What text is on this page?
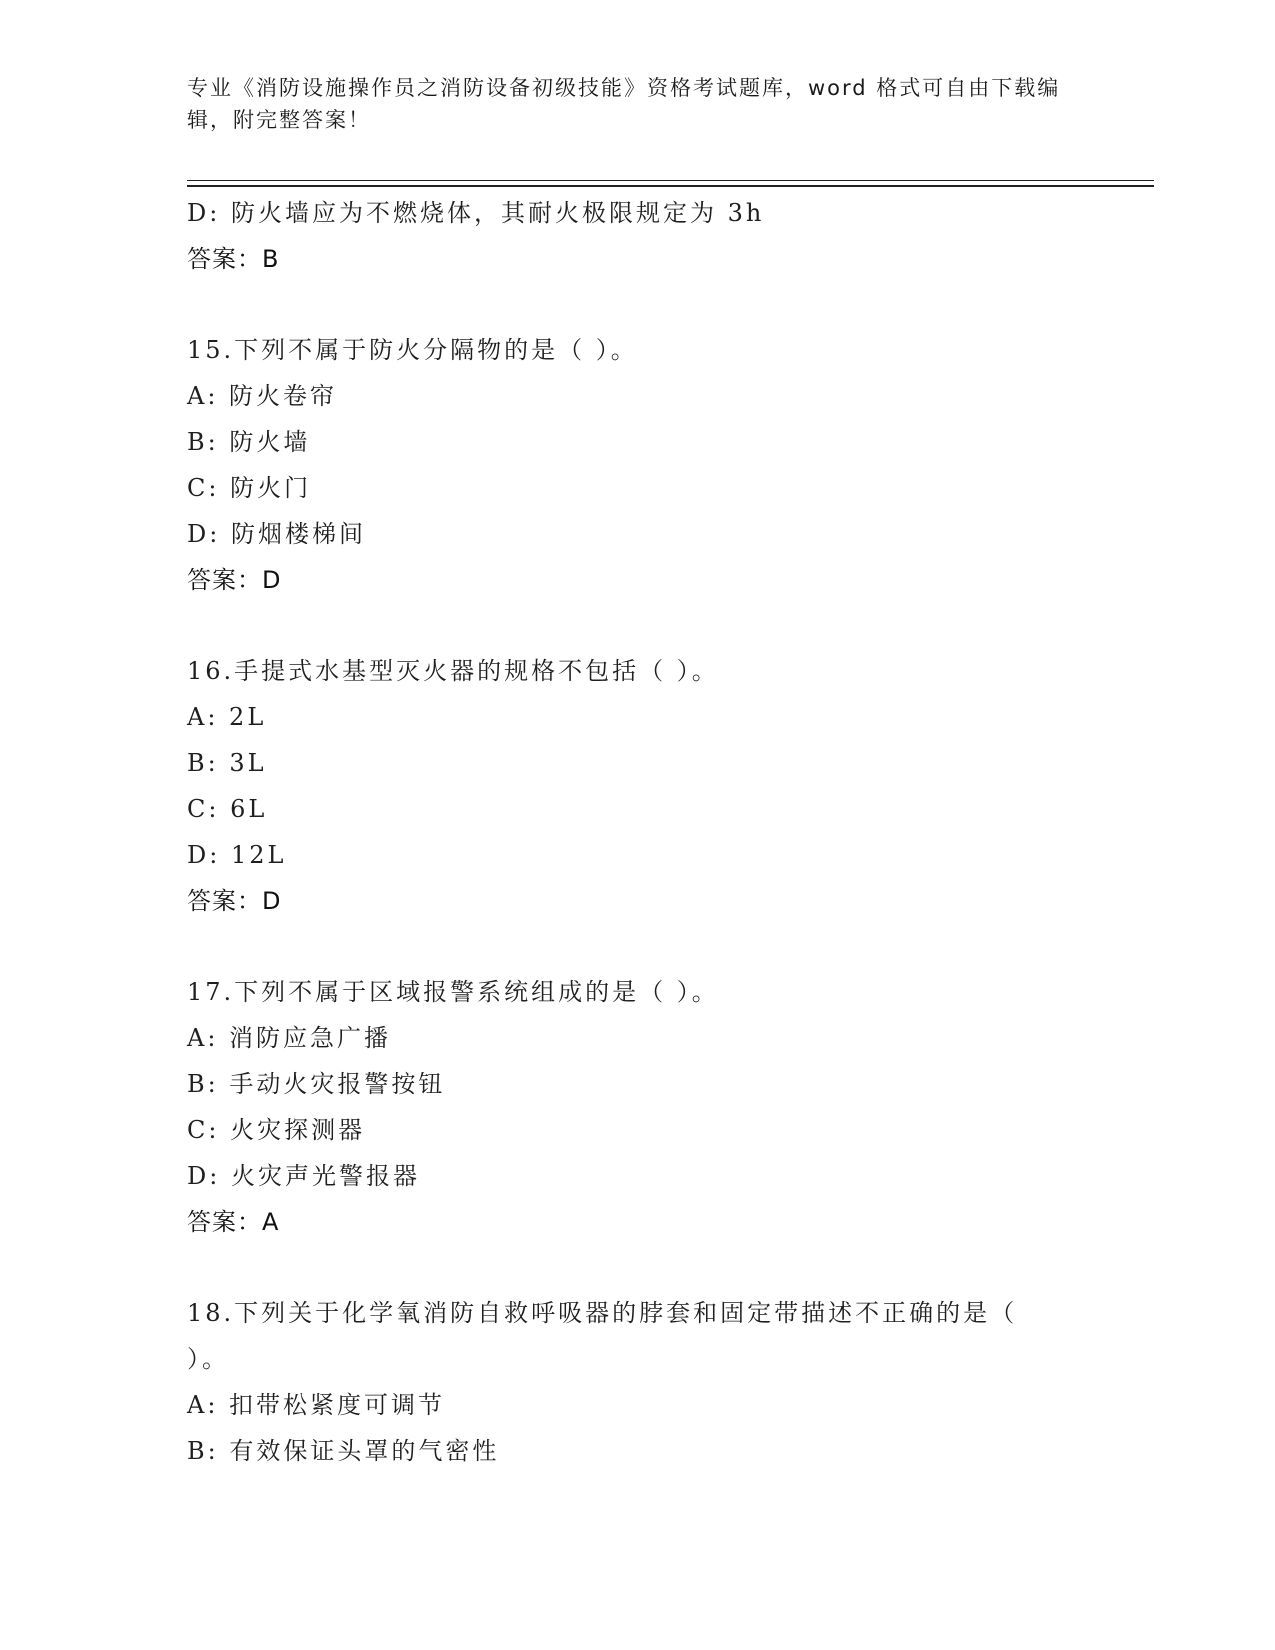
专业《消防设施操作员之消防设备初级技能》资格考试题库，word 格式可自由下载编辑，附完整答案！
D: 防火墙应为不燃烧体，其耐火极限规定为 3h
答案：B
15.下列不属于防火分隔物的是（ ）。
A: 防火卷帘
B: 防火墙
C: 防火门
D: 防烟楼梯间
答案：D
16.手提式水基型灭火器的规格不包括（ ）。
A: 2L
B: 3L
C: 6L
D: 12L
答案：D
17.下列不属于区域报警系统组成的是（ ）。
A: 消防应急广播
B: 手动火灾报警按钮
C: 火灾探测器
D: 火灾声光警报器
答案：A
18.下列关于化学氧消防自救呼吸器的脖套和固定带描述不正确的是（
）。
A: 扣带松紧度可调节
B: 有效保证头罩的气密性
